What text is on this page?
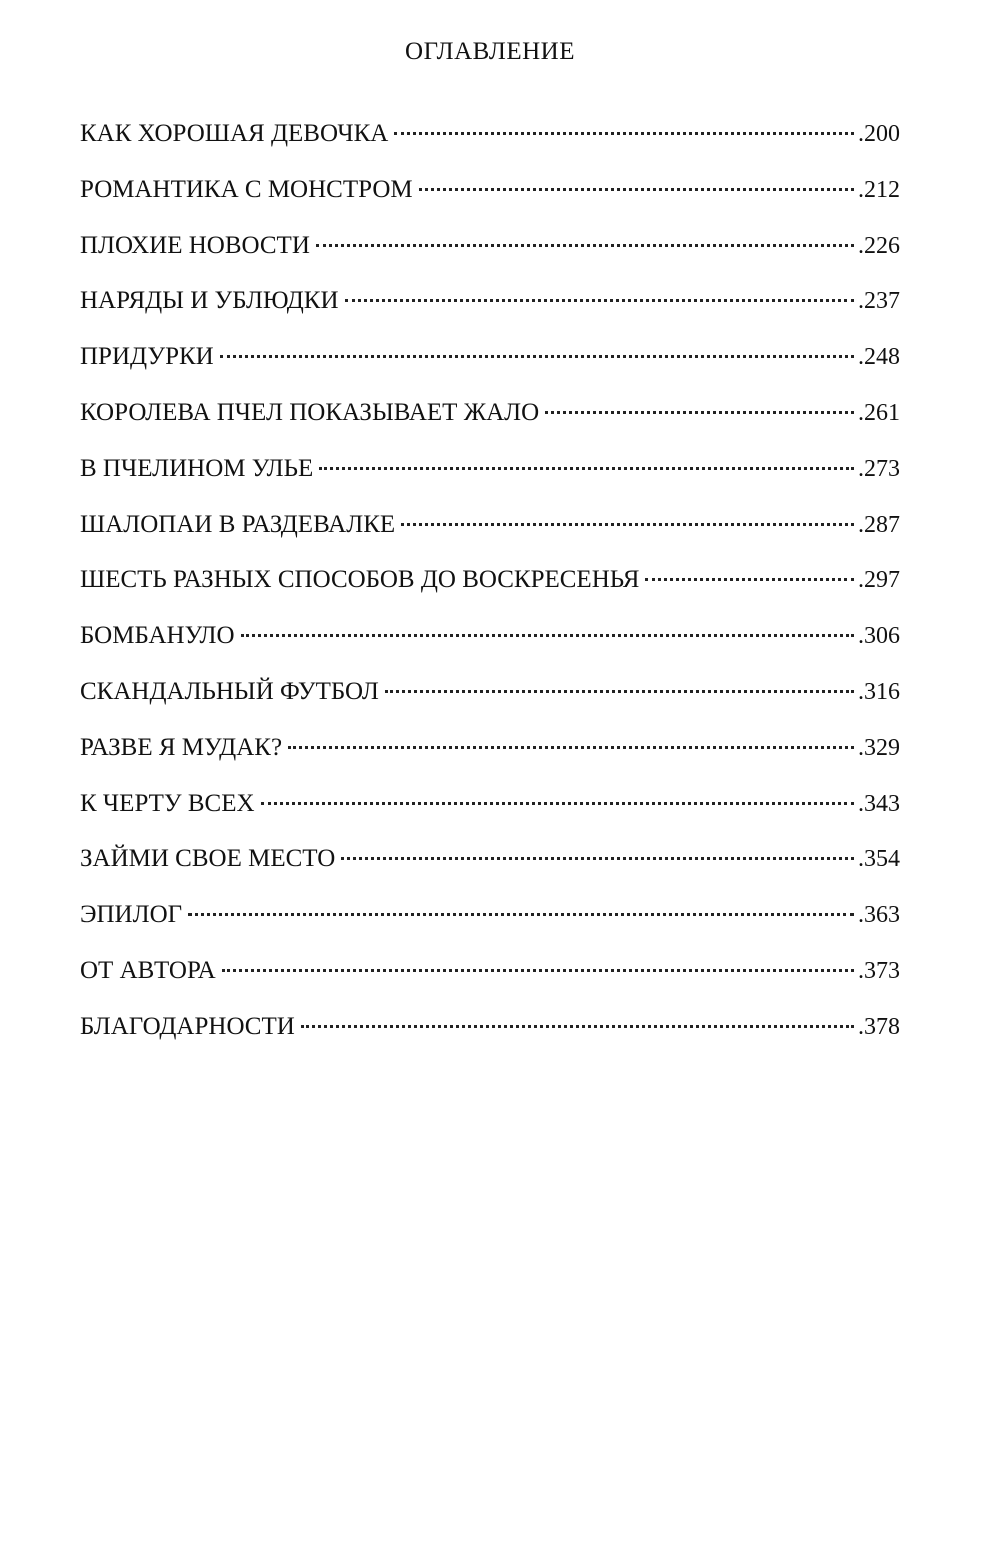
ОГЛАВЛЕНИЕ
КАК ХОРОШАЯ ДЕВОЧКА	.200
РОМАНТИКА С МОНСТРОМ	.212
ПЛОХИЕ НОВОСТИ	.226
НАРЯДЫ И УБЛЮДКИ	.237
ПРИДУРКИ	.248
КОРОЛЕВА ПЧЕЛ ПОКАЗЫВАЕТ ЖАЛО	.261
В ПЧЕЛИНОМ УЛЬЕ	.273
ШАЛОПАИ В РАЗДЕВАЛКЕ	.287
ШЕСТЬ РАЗНЫХ СПОСОБОВ ДО ВОСКРЕСЕНЬЯ	.297
БОМБАНУЛО	.306
СКАНДАЛЬНЫЙ ФУТБОЛ	.316
РАЗВЕ Я МУДАК?	.329
К ЧЕРТУ ВСЕХ	.343
ЗАЙМИ СВОЕ МЕСТО	.354
ЭПИЛОГ	.363
ОТ АВТОРА	.373
БЛАГОДАРНОСТИ	.378
